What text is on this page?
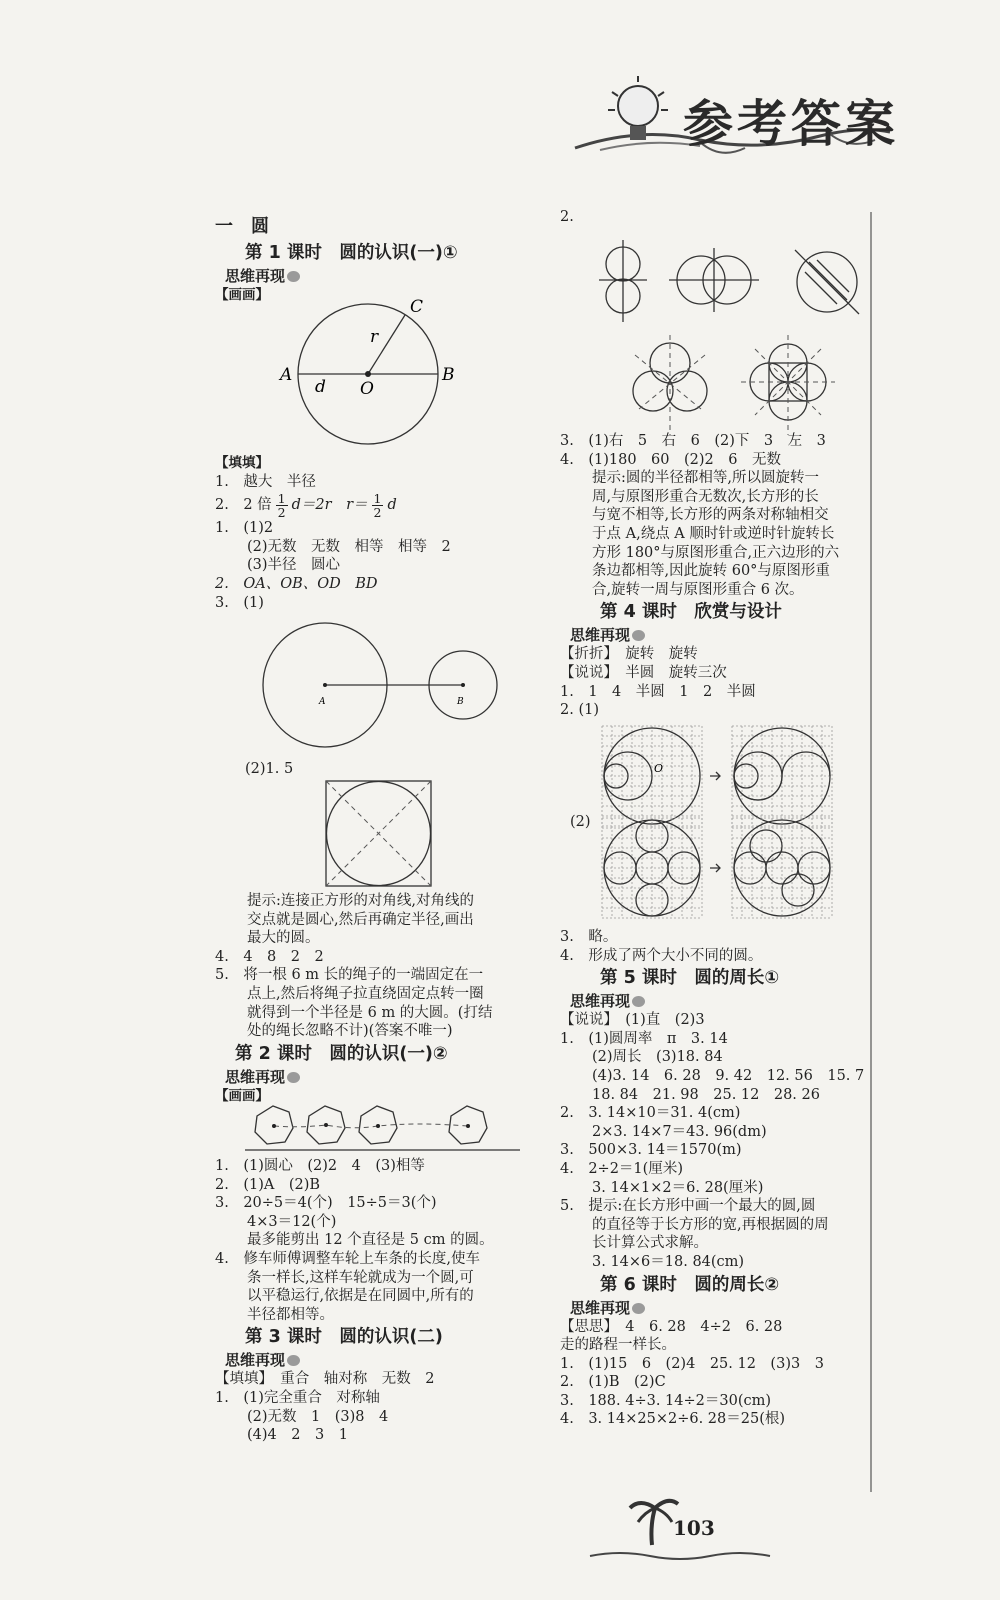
参考答案
一　圆
第 1 课时　圆的认识(一)①
思维再现
【画画】
C
r
A
d O
B
【填填】
1.　越大　半径
2.　2 倍 $\frac{1}{2} d=2r$　$r= \frac{1}{2}$ d
1.　(1)2
(2)无数　无数　相等　相等　2
(3)半径　圆心
2.　OA、OB、OD　BD
3.　(1)
A	B
(2)1. 5
提示:连接正方形的对角线,对角线的
交点就是圆心,然后再确定半径,画出
最大的圆。
4.　4　8　2　2
5.　将一根 6 m 长的绳子的一端固定在一
点上,然后将绳子拉直绕固定点转一圈
就得到一个半径是 6 m 的大圆。(打结
处的绳长忽略不计)(答案不唯一)
第 2 课时　圆的认识(一)②
思维再现
【画画】
1.　(1)圆心　(2)2　4　(3)相等
2.　(1)A　(2)B
3.　20÷5＝4(个)　15÷5＝3(个)
4×3＝12(个)
最多能剪出 12 个直径是 5 cm 的圆。
4.　修车师傅调整车轮上车条的长度,使车
条一样长,这样车轮就成为一个圆,可
以平稳运行,依据是在同圆中,所有的
半径都相等。
第 3 课时　圆的认识(二)
思维再现
【填填】　重合　轴对称　无数　2
1.　(1)完全重合　对称轴
(2)无数　1　(3)8　4
(4)4　2　3　1
2.
3.　(1)右　5　右　6　(2)下　3　左　3
4.　(1)180　60　(2)2　6　无数
提示:圆的半径都相等,所以圆旋转一
周,与原图形重合无数次,长方形的长
与宽不相等,长方形的两条对称轴相交
于点 A,绕点 A 顺时针或逆时针旋转长
方形 180°与原图形重合,正六边形的六
条边都相等,因此旋转 60°与原图形重
合,旋转一周与原图形重合 6 次。
第 4 课时　欣赏与设计
思维再现
【折折】　旋转　旋转
【说说】　半圆　旋转三次
1.　1　4　半圆　1　2　半圆
2. (1)
O
(2)
3.　略。
4.　形成了两个大小不同的圆。
第 5 课时　圆的周长①
思维再现
【说说】　(1)直　(2)3
1.　(1)圆周率　π　3. 14
(2)周长　(3)18. 84
(4)3. 14　6. 28　9. 42　12. 56　15. 7
18. 84　21. 98　25. 12　28. 26
2.　3. 14×10＝31. 4(cm)
2×3. 14×7＝43. 96(dm)
3.　500×3. 14＝1570(m)
4.　2÷2＝1(厘米)
3. 14×1×2＝6. 28(厘米)
5.　提示:在长方形中画一个最大的圆,圆
的直径等于长方形的宽,再根据圆的周
长计算公式求解。
3. 14×6＝18. 84(cm)
第 6 课时　圆的周长②
思维再现
【思思】　4　6. 28　4÷2　6. 28
走的路程一样长。
1.　(1)15　6　(2)4　25. 12　(3)3　3
2.　(1)B　(2)C
3.　188. 4÷3. 14÷2＝30(cm)
4.　3. 14×25×2÷6. 28＝25(根)
103
